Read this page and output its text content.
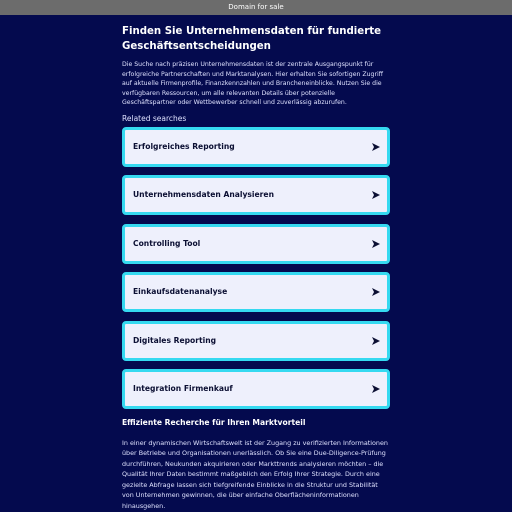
Domain for sale
Finden Sie Unternehmensdaten für fundierte Geschäftsentscheidungen

Die Suche nach präzisen Unternehmensdaten ist der zentrale Ausgangspunkt für erfolgreiche Partnerschaften und Marktanalysen. Hier erhalten Sie sofortigen Zugriff auf aktuelle Firmenprofile, Finanzkennzahlen und Brancheneinblicke. Nutzen Sie die verfügbaren Ressourcen, um alle relevanten Details über potenzielle Geschäftspartner oder Wettbewerber schnell und zuverlässig abzurufen.

Related searches
Erfolgreiches Reporting
Unternehmensdaten Analysieren
Controlling Tool
Einkaufsdatenanalyse
Digitales Reporting
Integration Firmenkauf
Effiziente Recherche für Ihren Marktvorteil

In einer dynamischen Wirtschaftswelt ist der Zugang zu verifizierten Informationen über Betriebe und Organisationen unerlässlich. Ob Sie eine Due-Diligence-Prüfung durchführen, Neukunden akquirieren oder Markttrends analysieren möchten – die Qualität Ihrer Daten bestimmt maßgeblich den Erfolg Ihrer Strategie. Durch eine gezielte Abfrage lassen sich tiefgreifende Einblicke in die Struktur und Stabilität von Unternehmen gewinnen, die über einfache Oberflächeninformationen hinausgehen.
